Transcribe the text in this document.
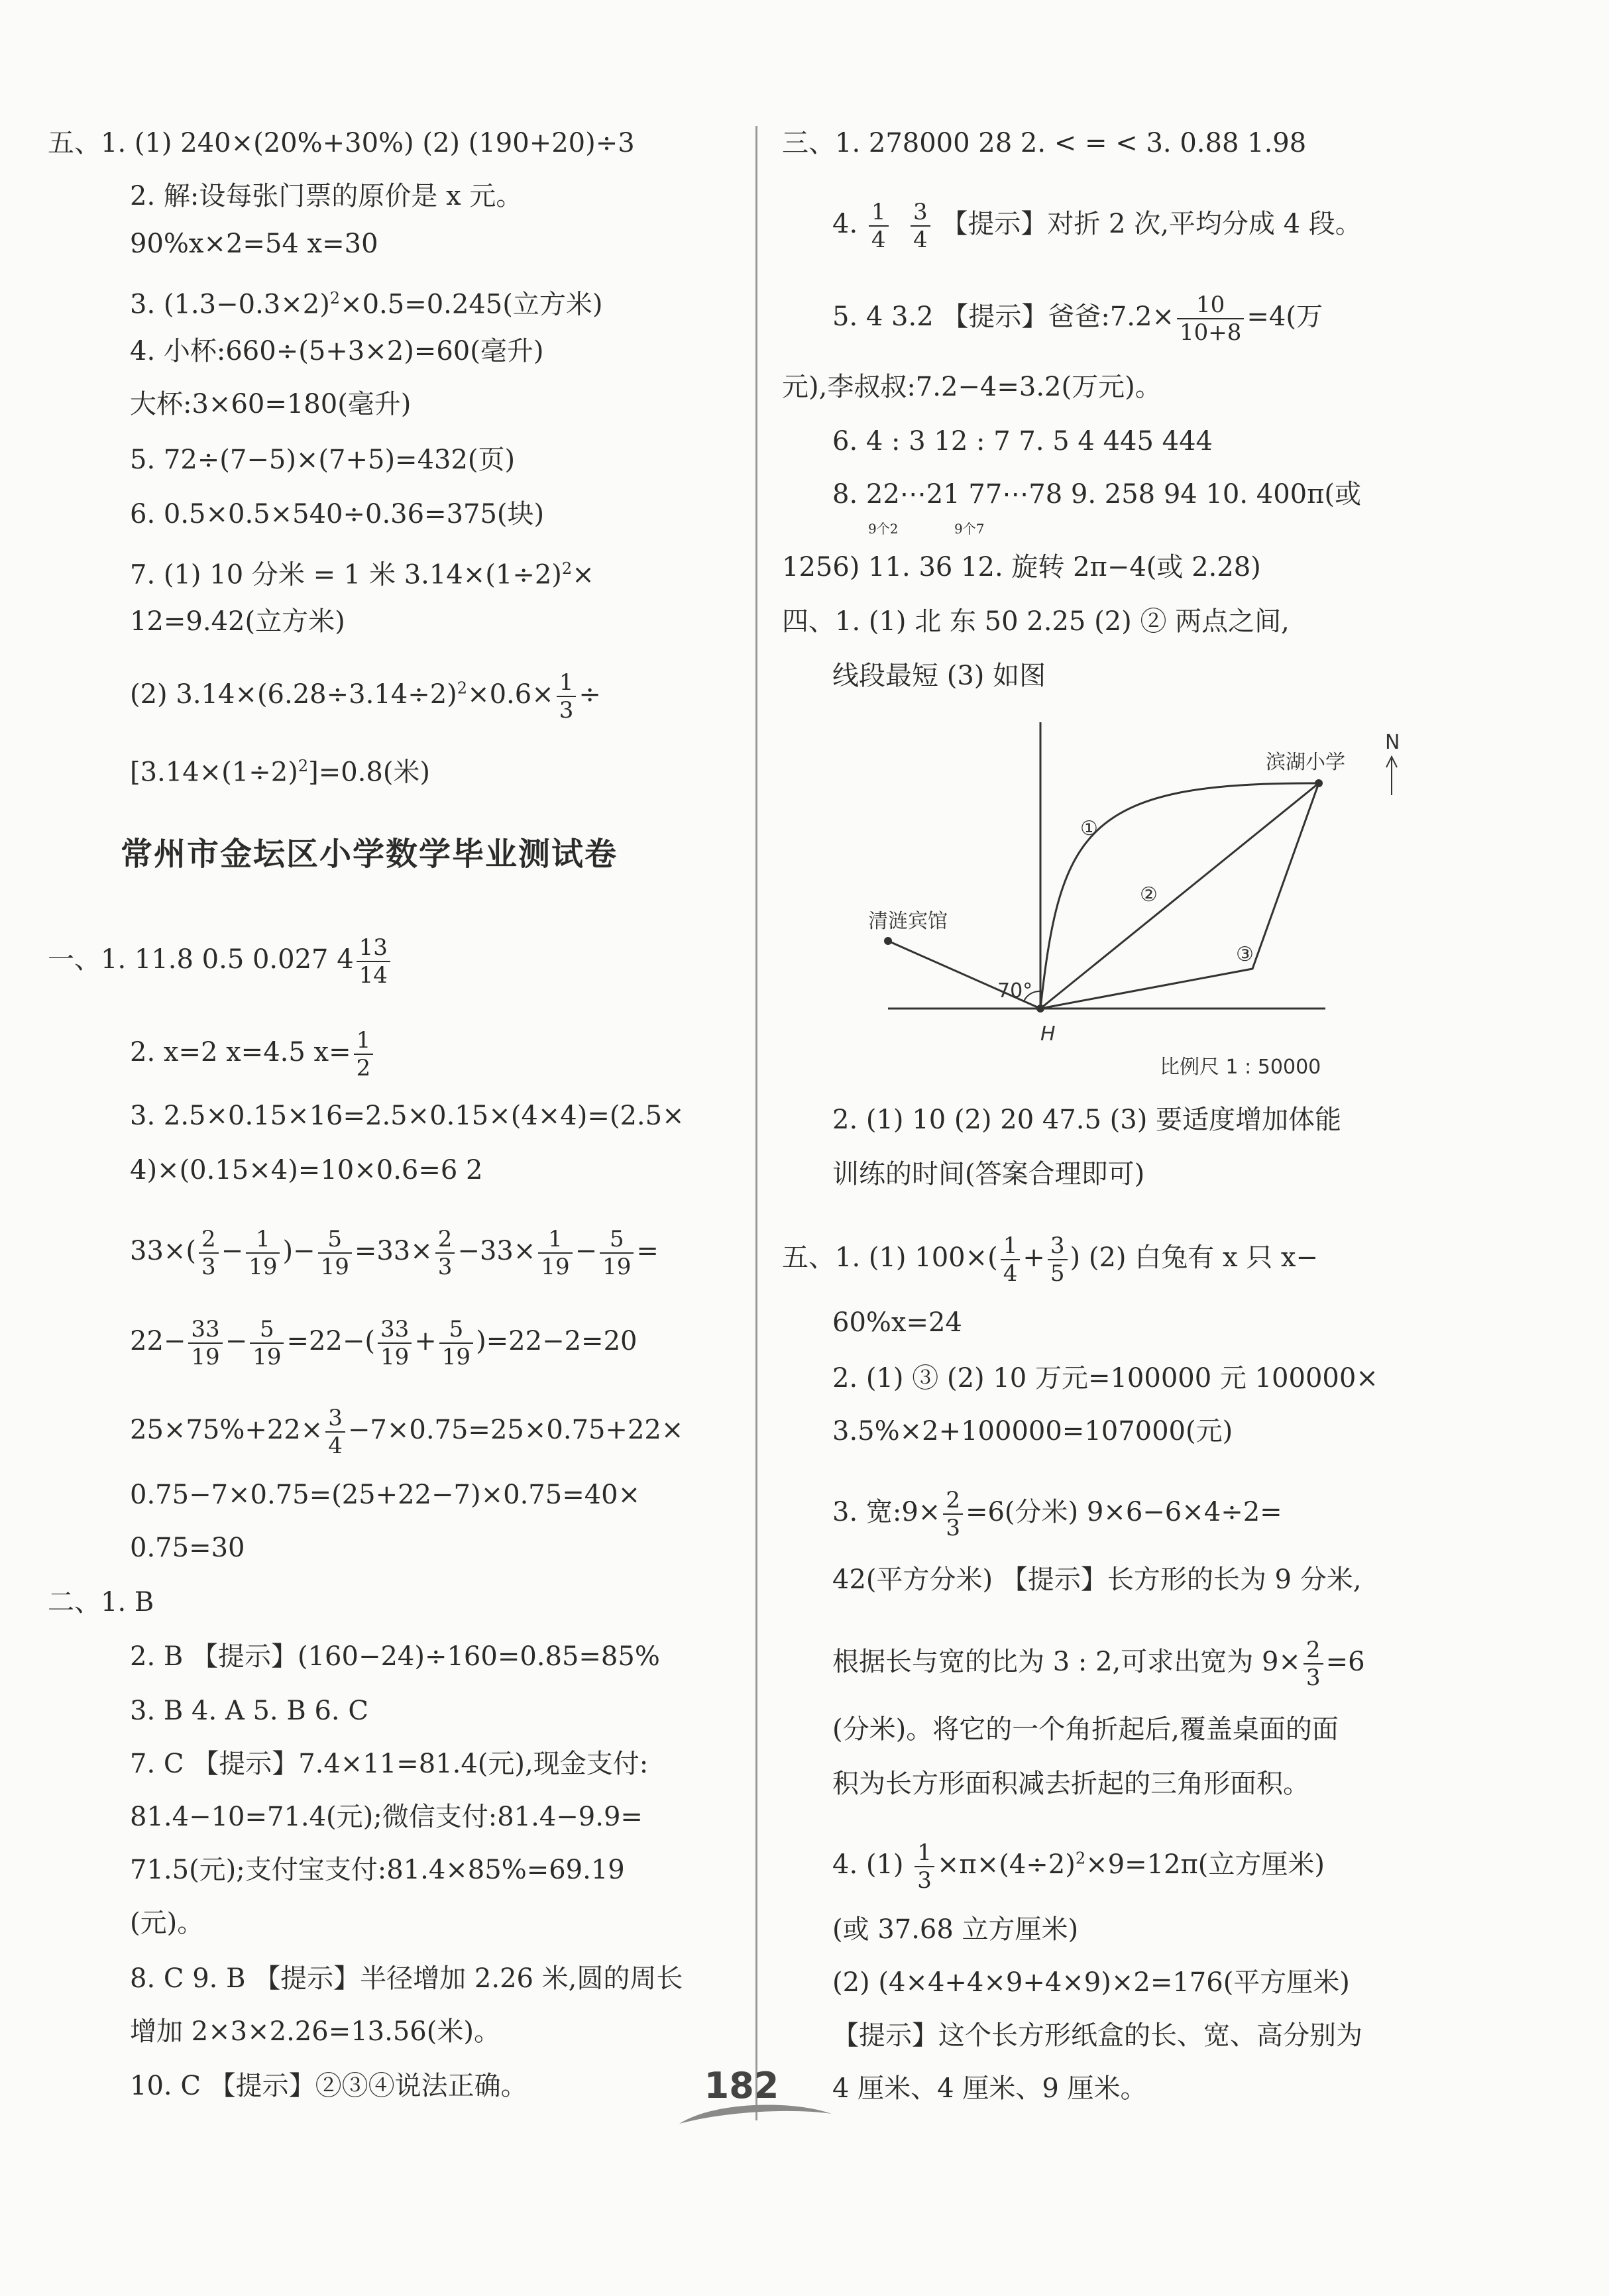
五、1. (1) 240×(20%+30%) (2) (190+20)÷3
2. 解:设每张门票的原价是 x 元。
90%x×2=54 x=30
3. $(1.3-0.3\times 2)^2\times 0.5=0.245$(立方米)
4. 小杯:660÷(5+3×2)=60(毫升)
大杯:3×60=180(毫升)
5. 72÷(7−5)×(7+5)=432(页)
6. 0.5×0.5×540÷0.36=375(块)
7. (1) 10 分米 = 1 米 $3.14\times(1\div 2)^2\times$
12=9.42(立方米)
(2) $3.14\times(6.28\div 3.14\div 2)^2\times 0.6\times \frac{1}{3}$ ÷
$[3.14\times(1\div 2)^2]=0.8$(米)
常州市金坛区小学数学毕业测试卷
一、1. 11.8 0.5 0.027 $4 \frac{13}{14}$
2. x=2 x=4.5 $x= \frac{1}{2}$
3. 2.5×0.15×16=2.5×0.15×(4×4)=(2.5×
4)×(0.15×4)=10×0.6=6 2
$33\times( \frac{2}{3} - \frac{1}{19}$ )− $\frac{5}{19} =33\times \frac{2}{3} -33\times \frac{1}{19} - \frac{5}{19}$ =
$22- \frac{33}{19} - \frac{5}{19} =22-( \frac{33}{19} + \frac{5}{19} )=22-2=20$
$25\times 75\%+22\times \frac{3}{4} -7\times 0.75=25\times 0.75+22\times$
0.75−7×0.75=(25+22−7)×0.75=40×
0.75=30
二、1. B
2. B 【提示】(160−24)÷160=0.85=85%
3. B 4. A 5. B 6. C
7. C 【提示】7.4×11=81.4(元),现金支付:
81.4−10=71.4(元);微信支付:81.4−9.9=
71.5(元);支付宝支付:81.4×85%=69.19
(元)。
8. C 9. B 【提示】半径增加 2.26 米,圆的周长
增加 2×3×2.26=13.56(米)。
10. C 【提示】②③④说法正确。
三、1. 278000 28 2. < = < 3. 0.88 1.98
4. $\frac{1}{4}$
$\frac{3}{4}$ 【提示】对折 2 次,平均分成 4 段。
5. 4 3.2 【提示】爸爸:7.2× $\frac{10}{10+8} =4$(万
元),李叔叔:7.2−4=3.2(万元)。
6. 4 : 3 12 : 7 7. 5 4 445 444
8. 22⋯21 77⋯78 9. 258 94 10. 400π(或
9个2	9个7
1256) 11. 36 12. 旋转 2π−4(或 2.28)
四、1. (1) 北 东 50 2.25 (2) ② 两点之间,
线段最短 (3) 如图
滨湖小学
清涟宾馆
N
H
70°
①
②
③
比例尺 1 : 50000
2. (1) 10 (2) 20 47.5 (3) 要适度增加体能
训练的时间(答案合理即可)
五、1. (1) $100\times( \frac{1}{4} + \frac{3}{5}$ ) (2) 白兔有 x 只 x−
60%x=24
2. (1) ③ (2) 10 万元=100000 元 100000×
3.5%×2+100000=107000(元)
3. 宽:9× $\frac{2}{3} =6$(分米) 9×6−6×4÷2=
42(平方分米) 【提示】长方形的长为 9 分米,
根据长与宽的比为 3 : 2,可求出宽为 $9\times \frac{2}{3} =6$
(分米)。将它的一个角折起后,覆盖桌面的面
积为长方形面积减去折起的三角形面积。
4. $(1) \frac{1}{3} \times\pi\times(4\div 2)^2\times 9=12\pi$(立方厘米)
(或 37.68 立方厘米)
(2) (4×4+4×9+4×9)×2=176(平方厘米)
【提示】这个长方形纸盒的长、宽、高分别为
4 厘米、4 厘米、9 厘米。
182
